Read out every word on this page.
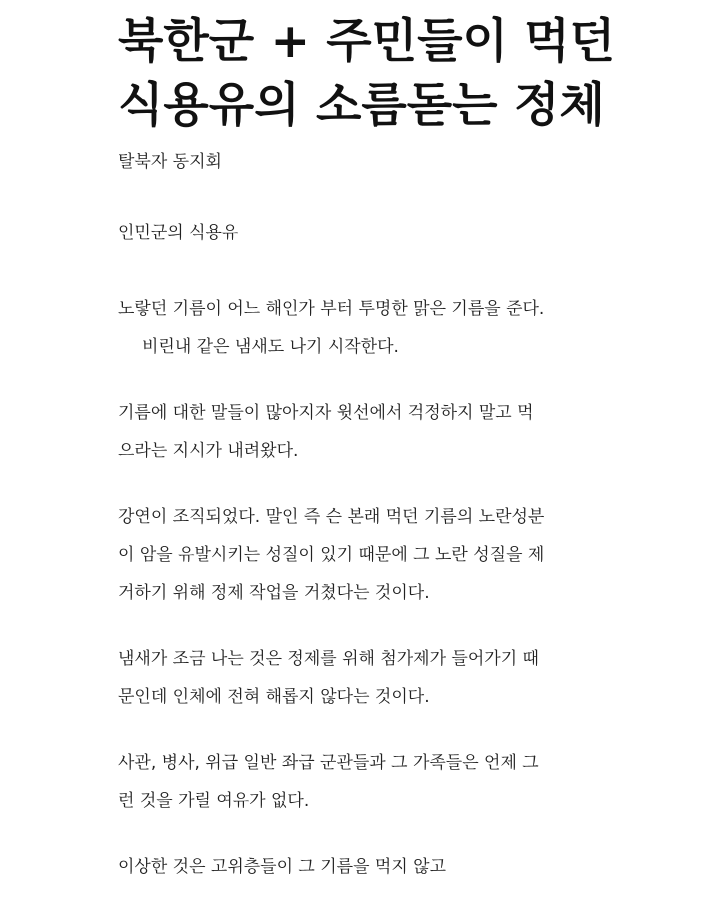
북한군 + 주민들이 먹던
식용유의 소름돋는 정체
탈북자 동지회

인민군의 식용유

노랗던 기름이 어느 해인가 부터 투명한 맑은 기름을 준다.
비린내 같은 냄새도 나기 시작한다.

기름에 대한 말들이 많아지자 윗선에서 걱정하지 말고 먹
으라는 지시가 내려왔다.

강연이 조직되었다. 말인 즉 슨 본래 먹던 기름의 노란성분
이 암을 유발시키는 성질이 있기 때문에 그 노란 성질을 제
거하기 위해 정제 작업을 거쳤다는 것이다.

냄새가 조금 나는 것은 정제를 위해 첨가제가 들어가기 때
문인데 인체에 전혀 해롭지 않다는 것이다.

사관, 병사, 위급 일반 좌급 군관들과 그 가족들은 언제 그
런 것을 가릴 여유가 없다.

이상한 것은 고위층들이 그 기름을 먹지 않고
